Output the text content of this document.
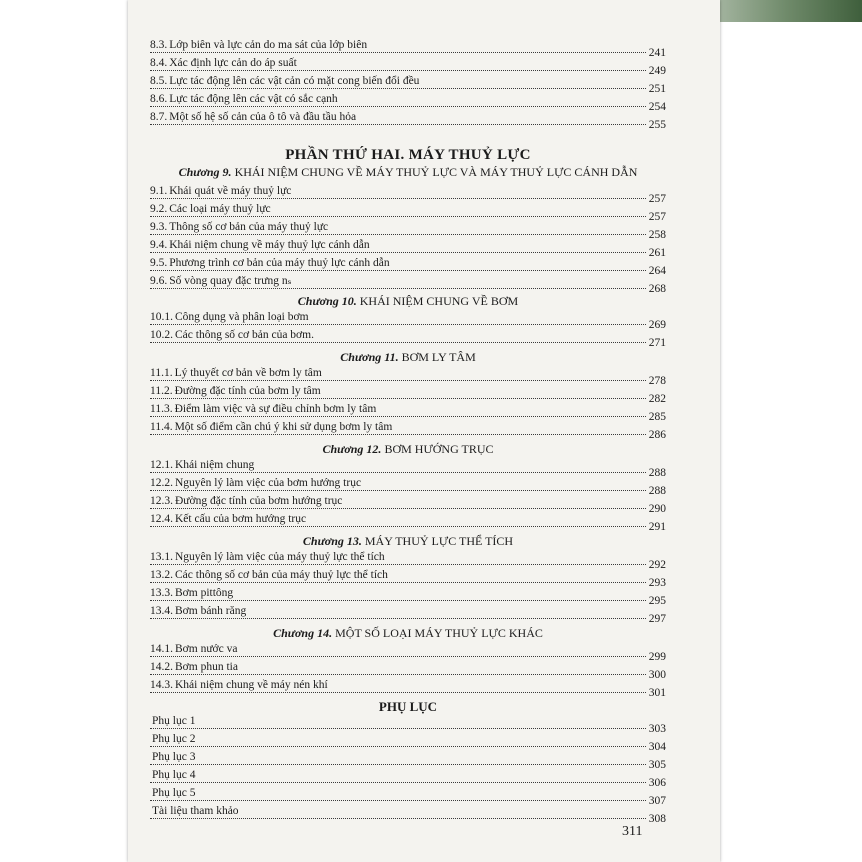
8.3. Lớp biên và lực cản do ma sát của lớp biên
241
8.4. Xác định lực cản do áp suất
249
8.5. Lực tác động lên các vật cản có mặt cong biến đổi đều
251
8.6. Lực tác động lên các vật có sắc cạnh
254
8.7. Một số hệ số cản của ô tô và đầu tầu hỏa
255
PHẦN THỨ HAI. MÁY THUỶ LỰC
Chương 9. KHÁI NIỆM CHUNG VỀ MÁY THUỶ LỰC VÀ MÁY THUỶ LỰC CÁNH DẪN
9.1. Khái quát về máy thuỷ lực
257
9.2. Các loại máy thuỷ lực
257
9.3. Thông số cơ bản của máy thuỷ lực
258
9.4. Khái niệm chung về máy thuỷ lực cánh dẫn
261
9.5. Phương trình cơ bản của máy thuỷ lực cánh dẫn
264
9.6. Số vòng quay đặc trưng nₛ
268
Chương 10. KHÁI NIỆM CHUNG VỀ BƠM
10.1. Công dụng và phân loại bơm
269
10.2. Các thông số cơ bản của bơm.
271
Chương 11. BƠM LY TÂM
11.1. Lý thuyết cơ bản về bơm ly tâm
278
11.2. Đường đặc tính của bơm ly tâm
282
11.3. Điểm làm việc và sự điều chỉnh bơm ly tâm
285
11.4. Một số điểm cần chú ý khi sử dụng bơm ly tâm
286
Chương 12. BƠM HƯỚNG TRỤC
12.1. Khái niệm chung
288
12.2. Nguyên lý làm việc của bơm hướng trục
288
12.3. Đường đặc tính của bơm hướng trục
290
12.4. Kết cấu của bơm hướng trục
291
Chương 13. MÁY THUỶ LỰC THỂ TÍCH
13.1. Nguyên lý làm việc của máy thuỷ lực thể tích
292
13.2. Các thông số cơ bản của máy thuỷ lực thể tích
293
13.3. Bơm pittông
295
13.4. Bơm bánh răng
297
Chương 14. MỘT SỐ LOẠI MÁY THUỶ LỰC KHÁC
14.1. Bơm nước va
299
14.2. Bơm phun tia
300
14.3. Khái niệm chung về máy nén khí
301
PHỤ LỤC
Phụ lục 1
303
Phụ lục 2
304
Phụ lục 3
305
Phụ lục 4
306
Phụ lục 5
307
Tài liệu tham khảo
308
311
